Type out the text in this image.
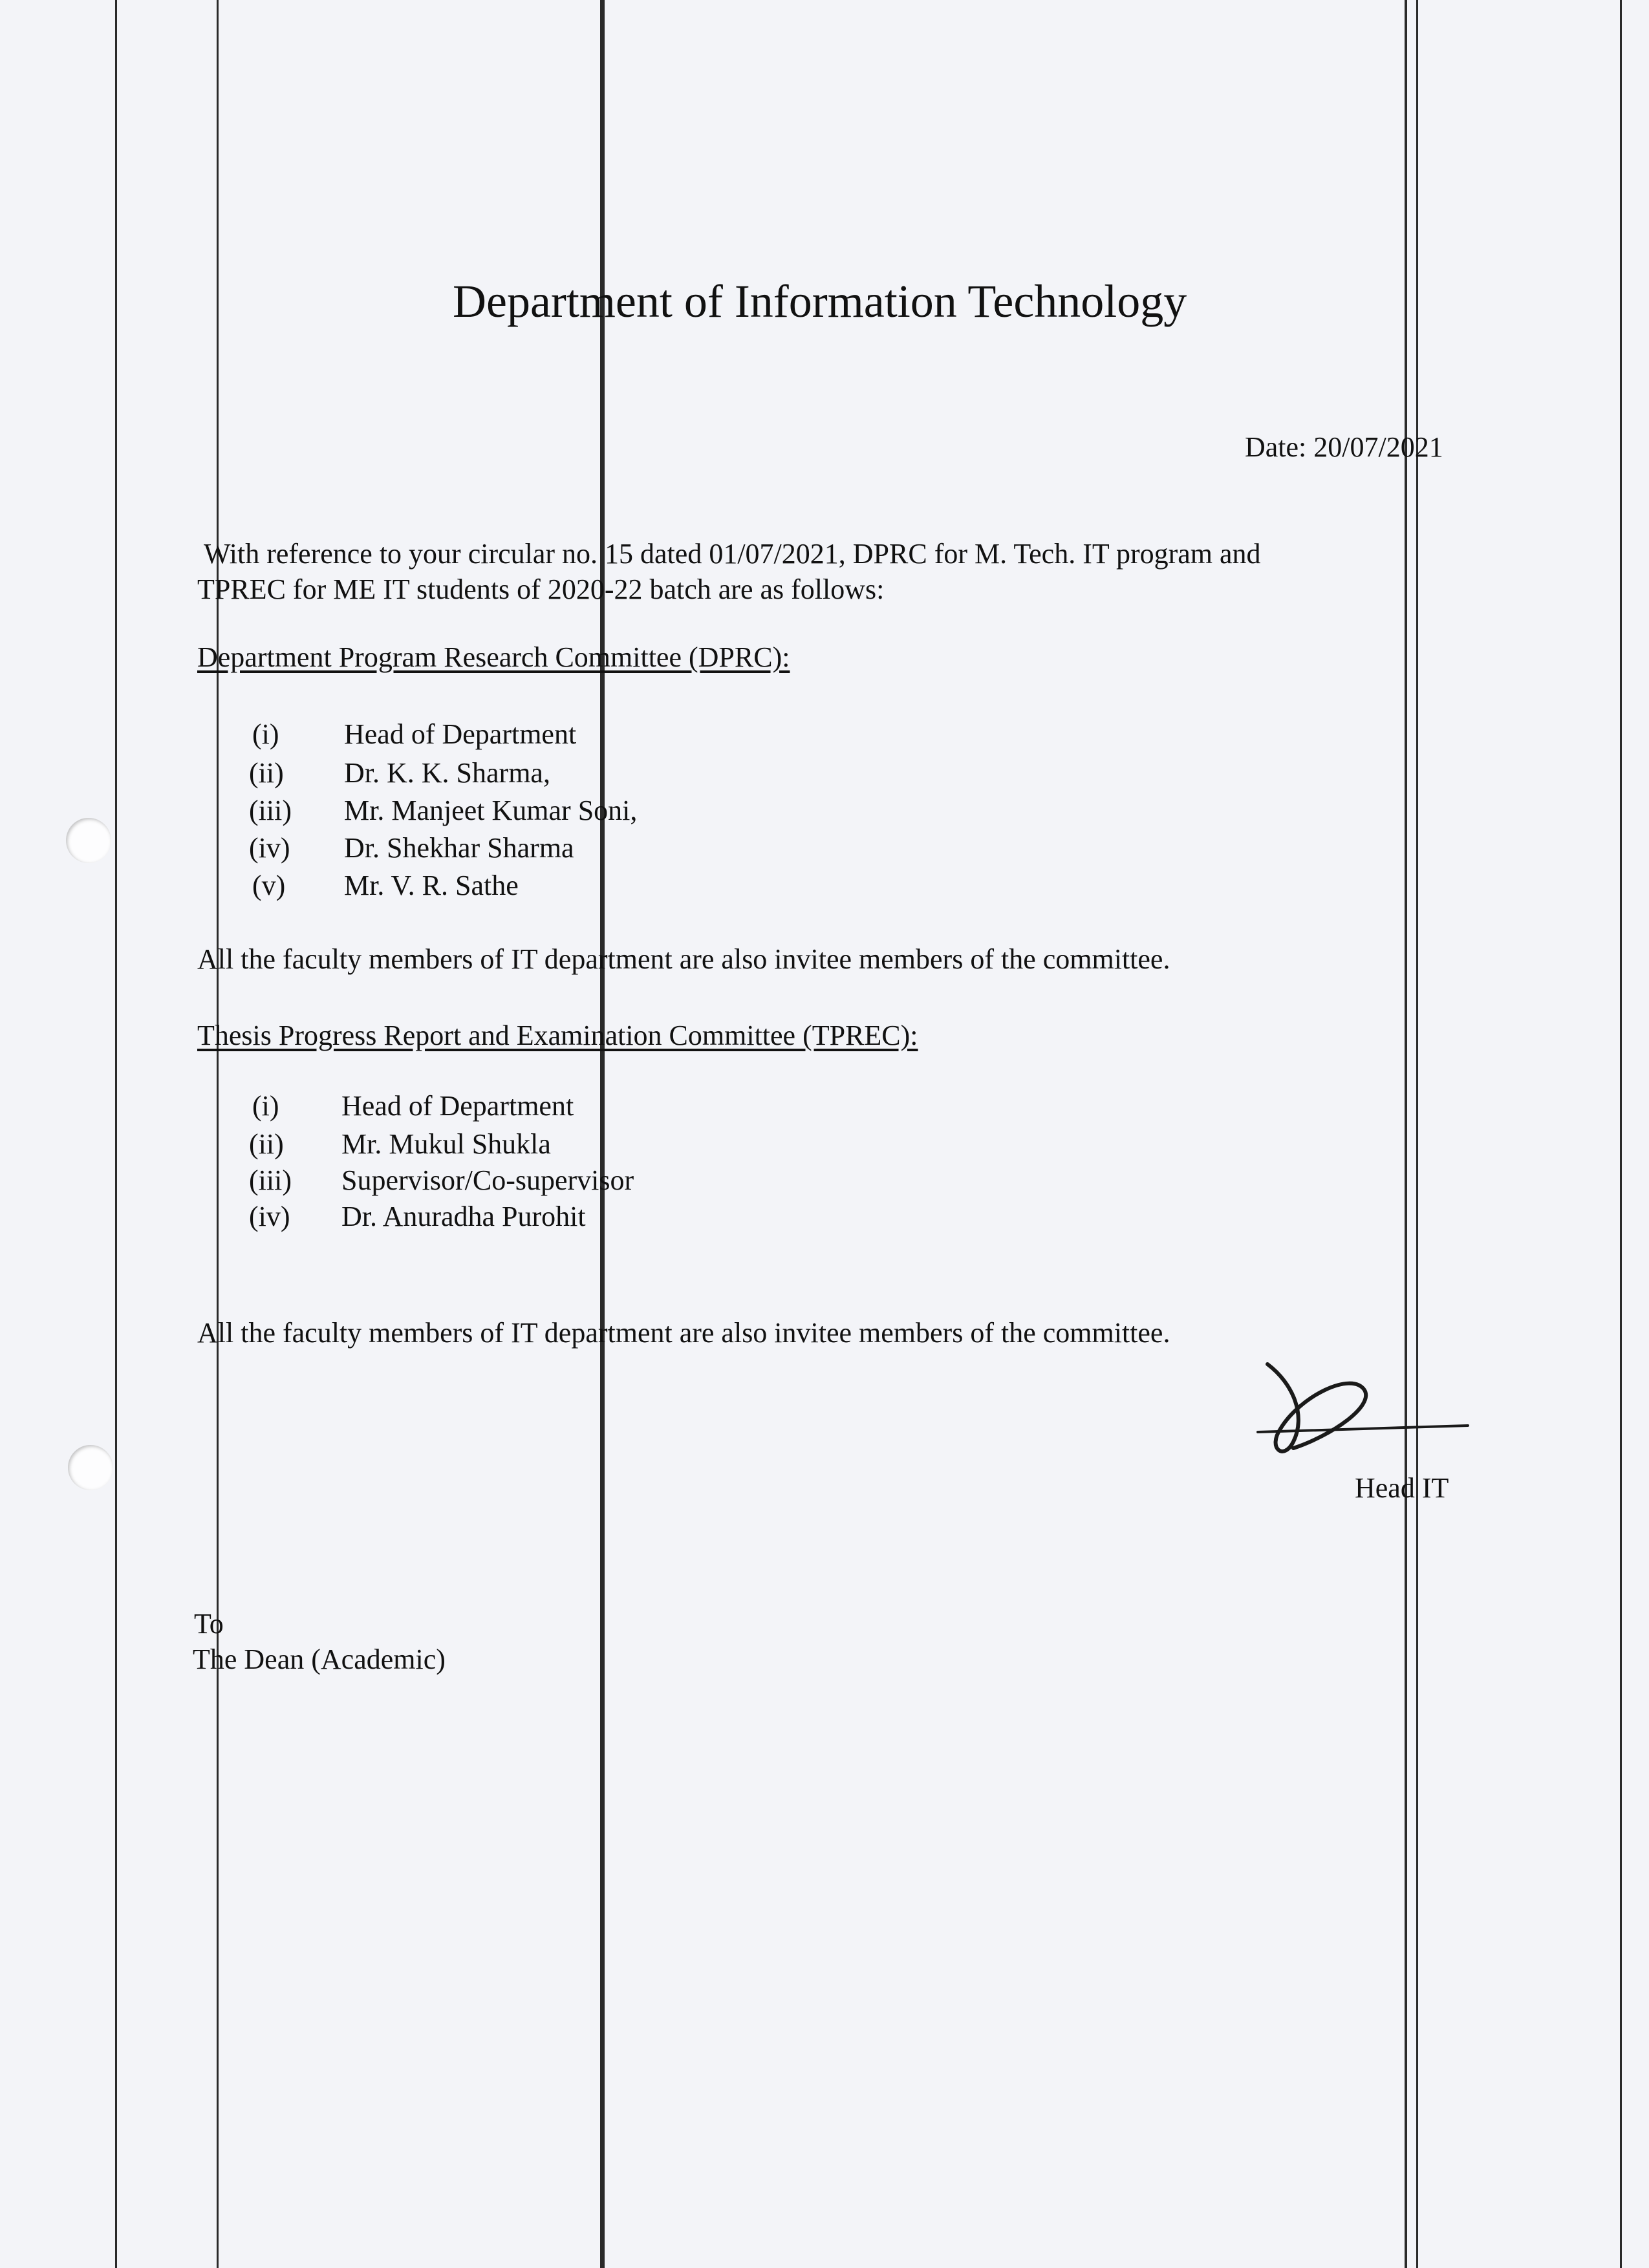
Department of Information Technology
Date: 20/07/2021
With reference to your circular no. 15 dated 01/07/2021, DPRC for M. Tech. IT program and
TPREC for ME IT students of 2020-22 batch are as follows:
Department Program Research Committee (DPRC):
(i) Head of Department
(ii) Dr. K. K. Sharma,
(iii) Mr. Manjeet Kumar Soni,
(iv) Dr. Shekhar Sharma
(v) Mr. V. R. Sathe
All the faculty members of IT department are also invitee members of the committee.
Thesis Progress Report and Examination Committee (TPREC):
(i) Head of Department
(ii) Mr. Mukul Shukla
(iii) Supervisor/Co-supervisor
(iv) Dr. Anuradha Purohit
All the faculty members of IT department are also invitee members of the committee.
Head IT
To
The Dean (Academic)
